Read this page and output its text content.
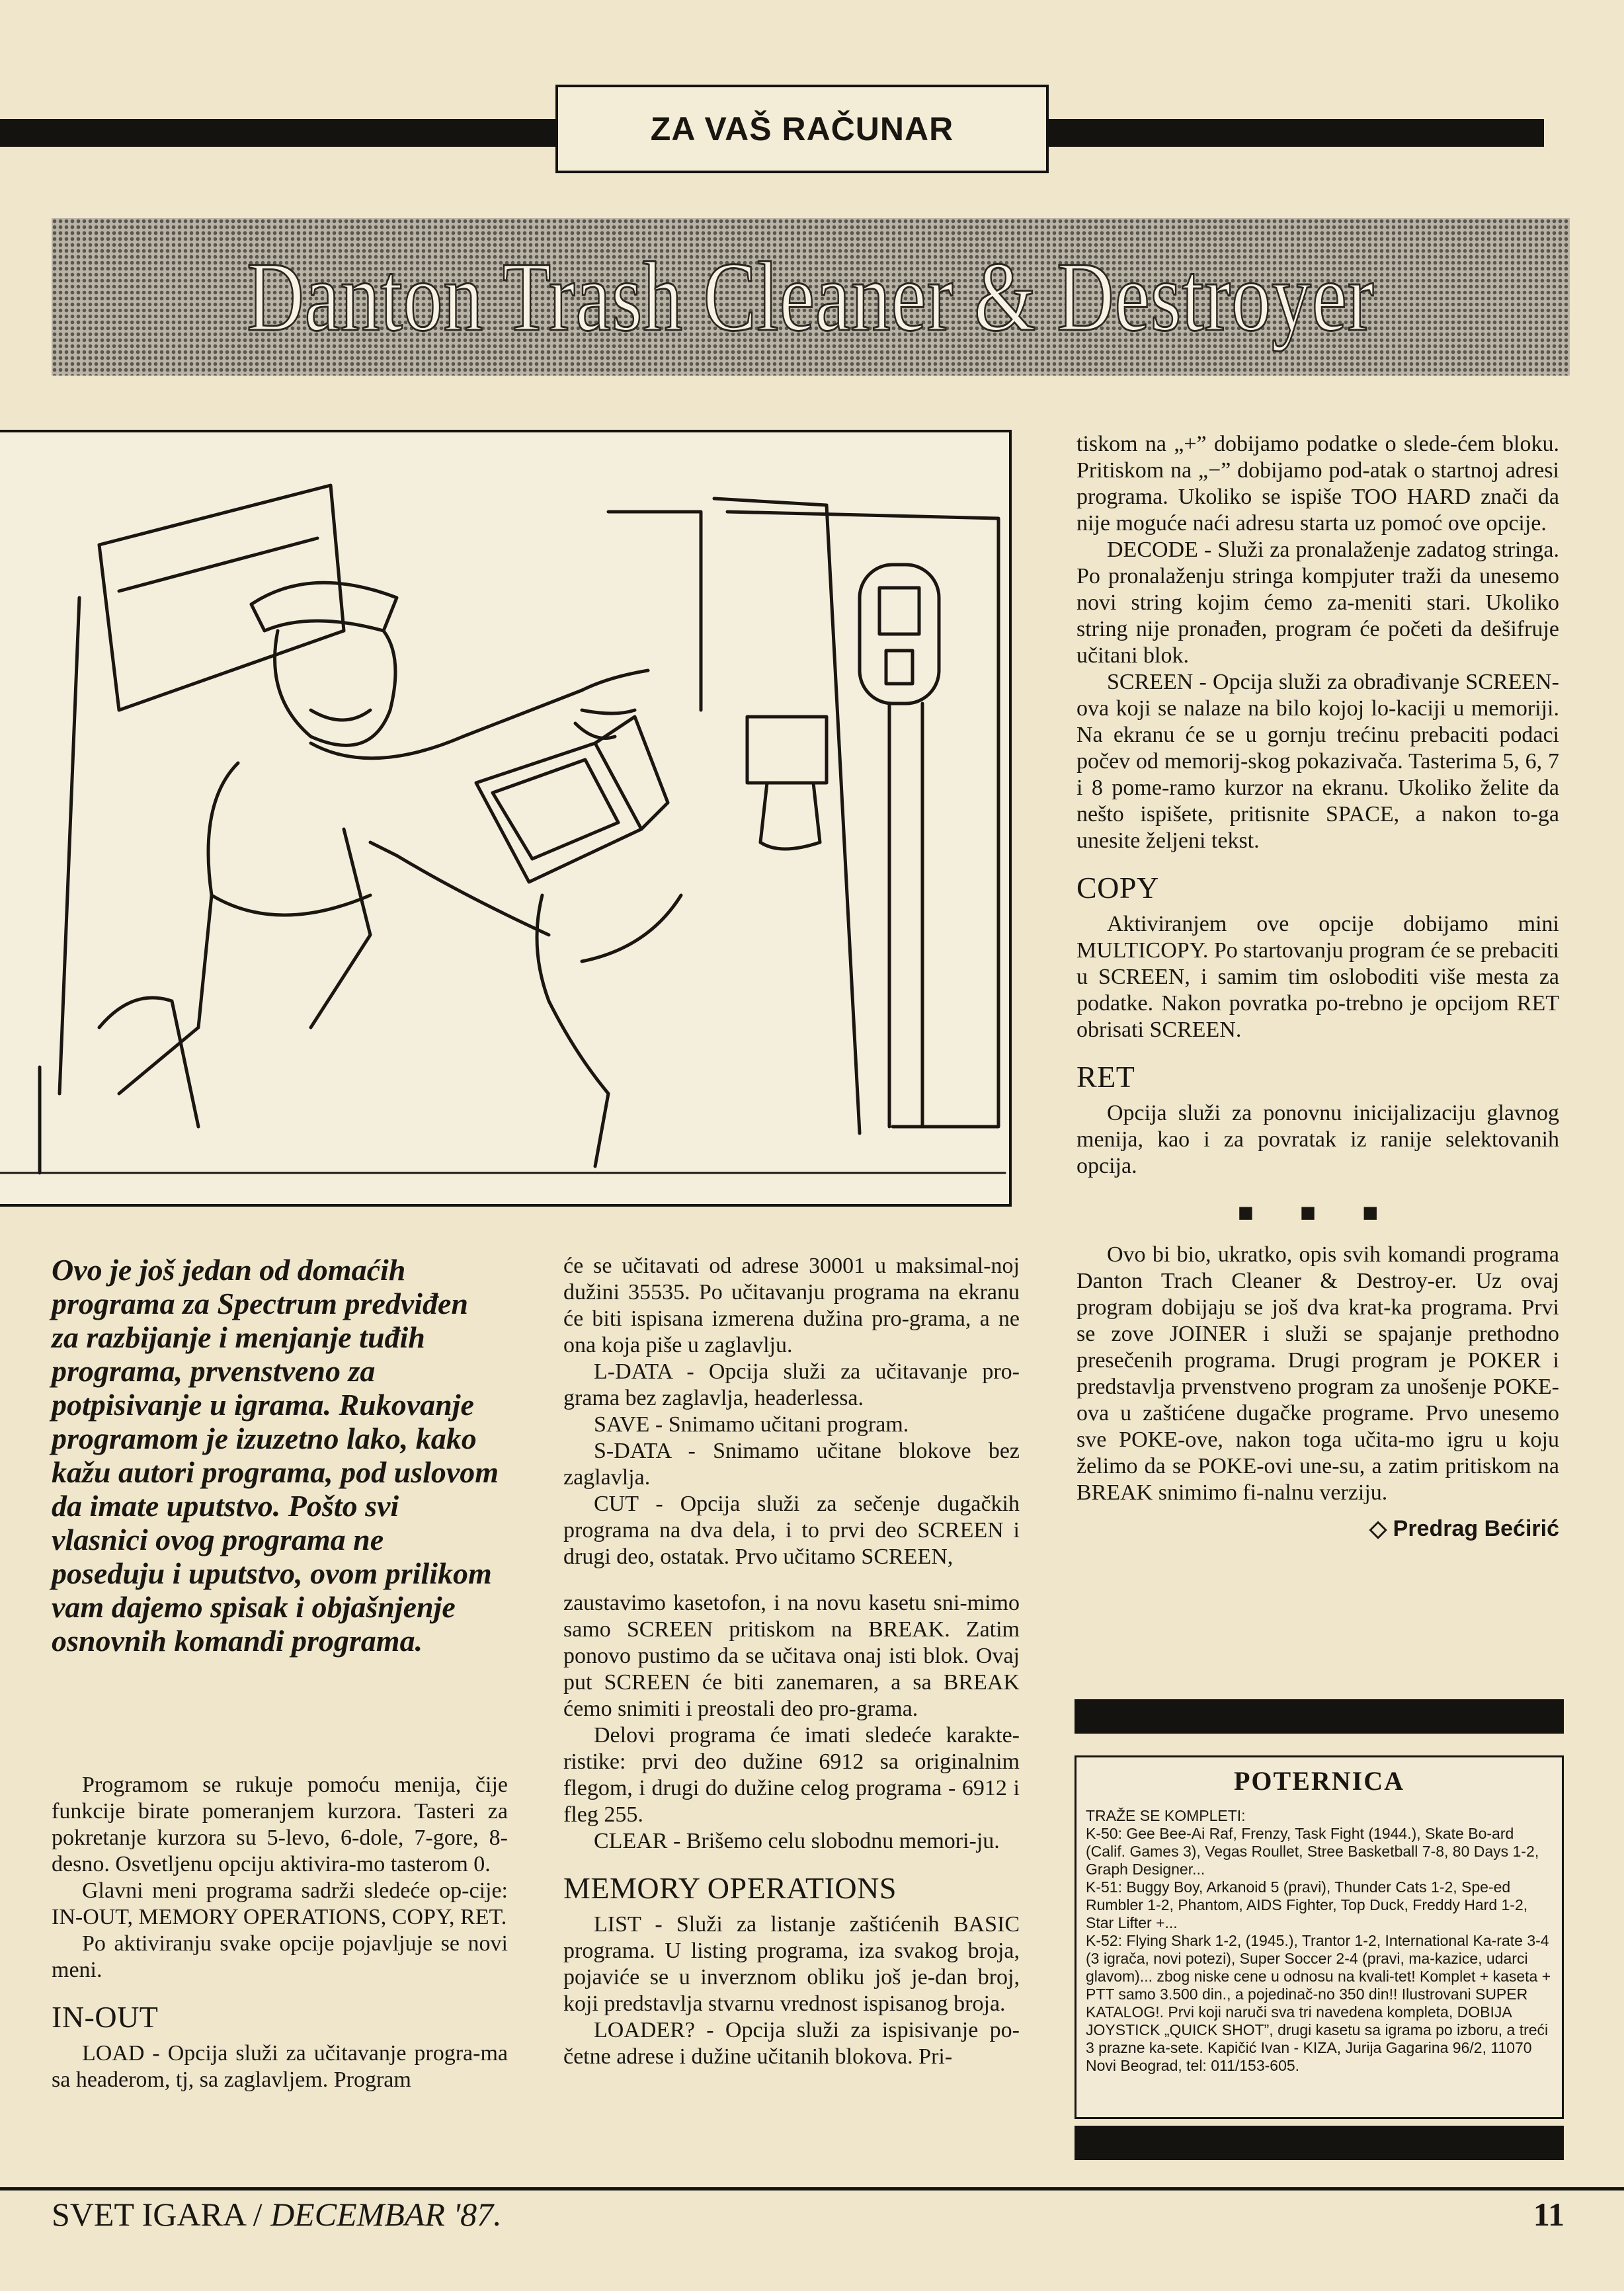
ZA VAŠ RAČUNAR
Danton Trash Cleaner & Destroyer
Ovo je još jedan od domaćih programa za Spectrum predviđen za razbijanje i menjanje tuđih programa, prvenstveno za potpisivanje u igrama. Rukovanje programom je izuzetno lako, kako kažu autori programa, pod uslovom da imate uputstvo. Pošto svi vlasnici ovog programa ne poseduju i uputstvo, ovom prilikom vam dajemo spisak i objašnjenje osnovnih komandi programa.

Programom se rukuje pomoću menija, čije funkcije birate pomeranjem kurzora. Tasteri za pokretanje kurzora su 5-levo, 6-dole, 7-gore, 8-desno. Osvetljenu opciju aktivira-mo tasterom 0.

Glavni meni programa sadrži sledeće op-cije: IN-OUT, MEMORY OPERATIONS, COPY, RET.

Po aktiviranju svake opcije pojavljuje se novi meni.

IN-OUT

LOAD - Opcija služi za učitavanje progra-ma sa headerom, tj, sa zaglavljem. Program

će se učitavati od adrese 30001 u maksimal-noj dužini 35535. Po učitavanju programa na ekranu će biti ispisana izmerena dužina pro-grama, a ne ona koja piše u zaglavlju.

L-DATA - Opcija služi za učitavanje pro-grama bez zaglavlja, headerlessa.

SAVE - Snimamo učitani program.

S-DATA - Snimamo učitane blokove bez zaglavlja.

CUT - Opcija služi za sečenje dugačkih programa na dva dela, i to prvi deo SCREEN i drugi deo, ostatak. Prvo učitamo SCREEN,

zaustavimo kasetofon, i na novu kasetu sni-mimo samo SCREEN pritiskom na BREAK. Zatim ponovo pustimo da se učitava onaj isti blok. Ovaj put SCREEN će biti zanemaren, a sa BREAK ćemo snimiti i preostali deo pro-grama.

Delovi programa će imati sledeće karakte-ristike: prvi deo dužine 6912 sa originalnim flegom, i drugi do dužine celog programa - 6912 i fleg 255.

CLEAR - Brišemo celu slobodnu memori-ju.

MEMORY OPERATIONS

LIST - Služi za listanje zaštićenih BASIC programa. U listing programa, iza svakog broja, pojaviće se u inverznom obliku još je-dan broj, koji predstavlja stvarnu vrednost ispisanog broja.

LOADER? - Opcija služi za ispisivanje po-četne adrese i dužine učitanih blokova. Pri-

tiskom na „+” dobijamo podatke o slede-ćem bloku. Pritiskom na „−” dobijamo pod-atak o startnoj adresi programa. Ukoliko se ispiše TOO HARD znači da nije moguće naći adresu starta uz pomoć ove opcije.

DECODE - Služi za pronalaženje zadatog stringa. Po pronalaženju stringa kompjuter traži da unesemo novi string kojim ćemo za-meniti stari. Ukoliko string nije pronađen, program će početi da dešifruje učitani blok.

SCREEN - Opcija služi za obrađivanje SCREEN-ova koji se nalaze na bilo kojoj lo-kaciji u memoriji. Na ekranu će se u gornju trećinu prebaciti podaci počev od memorij-skog pokazivača. Tasterima 5, 6, 7 i 8 pome-ramo kurzor na ekranu. Ukoliko želite da nešto ispišete, pritisnite SPACE, a nakon to-ga unesite željeni tekst.

COPY

Aktiviranjem ove opcije dobijamo mini MULTICOPY. Po startovanju program će se prebaciti u SCREEN, i samim tim osloboditi više mesta za podatke. Nakon povratka po-trebno je opcijom RET obrisati SCREEN.

RET

Opcija služi za ponovnu inicijalizaciju glavnog menija, kao i za povratak iz ranije selektovanih opcija.

■ ■ ■

Ovo bi bio, ukratko, opis svih komandi programa Danton Trach Cleaner & Destroy-er. Uz ovaj program dobijaju se još dva krat-ka programa. Prvi se zove JOINER i služi se spajanje prethodno presečenih programa. Drugi program je POKER i predstavlja prvenstveno program za unošenje POKE-ova u zaštićene dugačke programe. Prvo unesemo sve POKE-ove, nakon toga učita-mo igru u koju želimo da se POKE-ovi une-su, a zatim pritiskom na BREAK snimimo fi-nalnu verziju.

◇ Predrag Bećirić
POTERNICA

TRAŽE SE KOMPLETI:

K-50: Gee Bee-Ai Raf, Frenzy, Task Fight (1944.), Skate Bo-ard (Calif. Games 3), Vegas Roullet, Stree Basketball 7-8, 80 Days 1-2, Graph Designer...

K-51: Buggy Boy, Arkanoid 5 (pravi), Thunder Cats 1-2, Spe-ed Rumbler 1-2, Phantom, AIDS Fighter, Top Duck, Freddy Hard 1-2, Star Lifter +...

K-52: Flying Shark 1-2, (1945.), Trantor 1-2, International Ka-rate 3-4 (3 igrača, novi potezi), Super Soccer 2-4 (pravi, ma-kazice, udarci glavom)... zbog niske cene u odnosu na kvali-tet! Komplet + kaseta + PTT samo 3.500 din., a pojedinač-no 350 din!! Ilustrovani SUPER KATALOG!. Prvi koji naruči sva tri navedena kompleta, DOBIJA JOYSTICK „QUICK SHOT”, drugi kasetu sa igrama po izboru, a treći 3 prazne ka-sete. Kapičić Ivan - KIZA, Jurija Gagarina 96/2, 11070 Novi Beograd, tel: 011/153-605.

SVET IGARA / DECEMBAR '87.	11
